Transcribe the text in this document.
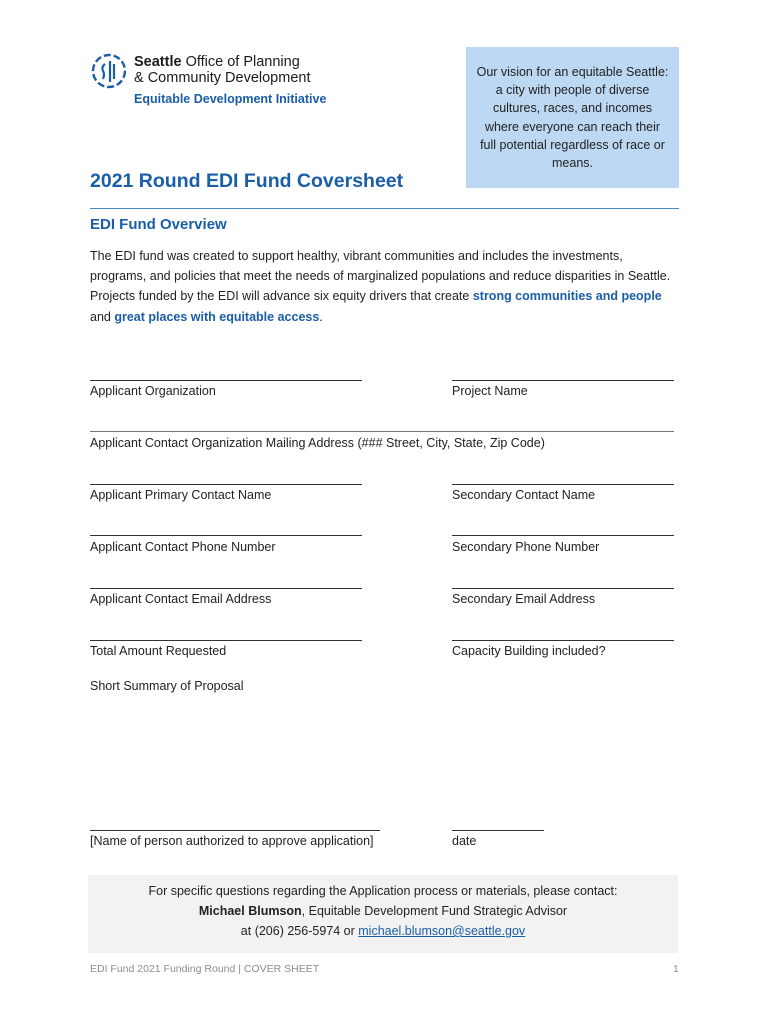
Seattle Office of Planning
& Community Development
Equitable Development Initiative
Our vision for an equitable Seattle: a city with people of diverse cultures, races, and incomes where everyone can reach their full potential regardless of race or means.
2021 Round EDI Fund Coversheet
EDI Fund Overview
The EDI fund was created to support healthy, vibrant communities and includes the investments, programs, and policies that meet the needs of marginalized populations and reduce disparities in Seattle. Projects funded by the EDI will advance six equity drivers that create strong communities and people and great places with equitable access.
Applicant Organization	Project Name
Applicant Contact Organization Mailing Address (### Street, City, State, Zip Code)
Applicant Primary Contact Name	Secondary Contact Name
Applicant Contact Phone Number	Secondary Phone Number
Applicant Contact Email Address	Secondary Email Address
Total Amount Requested	Capacity Building included?
Short Summary of Proposal
[Name of person authorized to approve application]	date
For specific questions regarding the Application process or materials, please contact:
Michael Blumson, Equitable Development Fund Strategic Advisor
at (206) 256-5974 or michael.blumson@seattle.gov
EDI Fund 2021 Funding Round | COVER SHEET	1
